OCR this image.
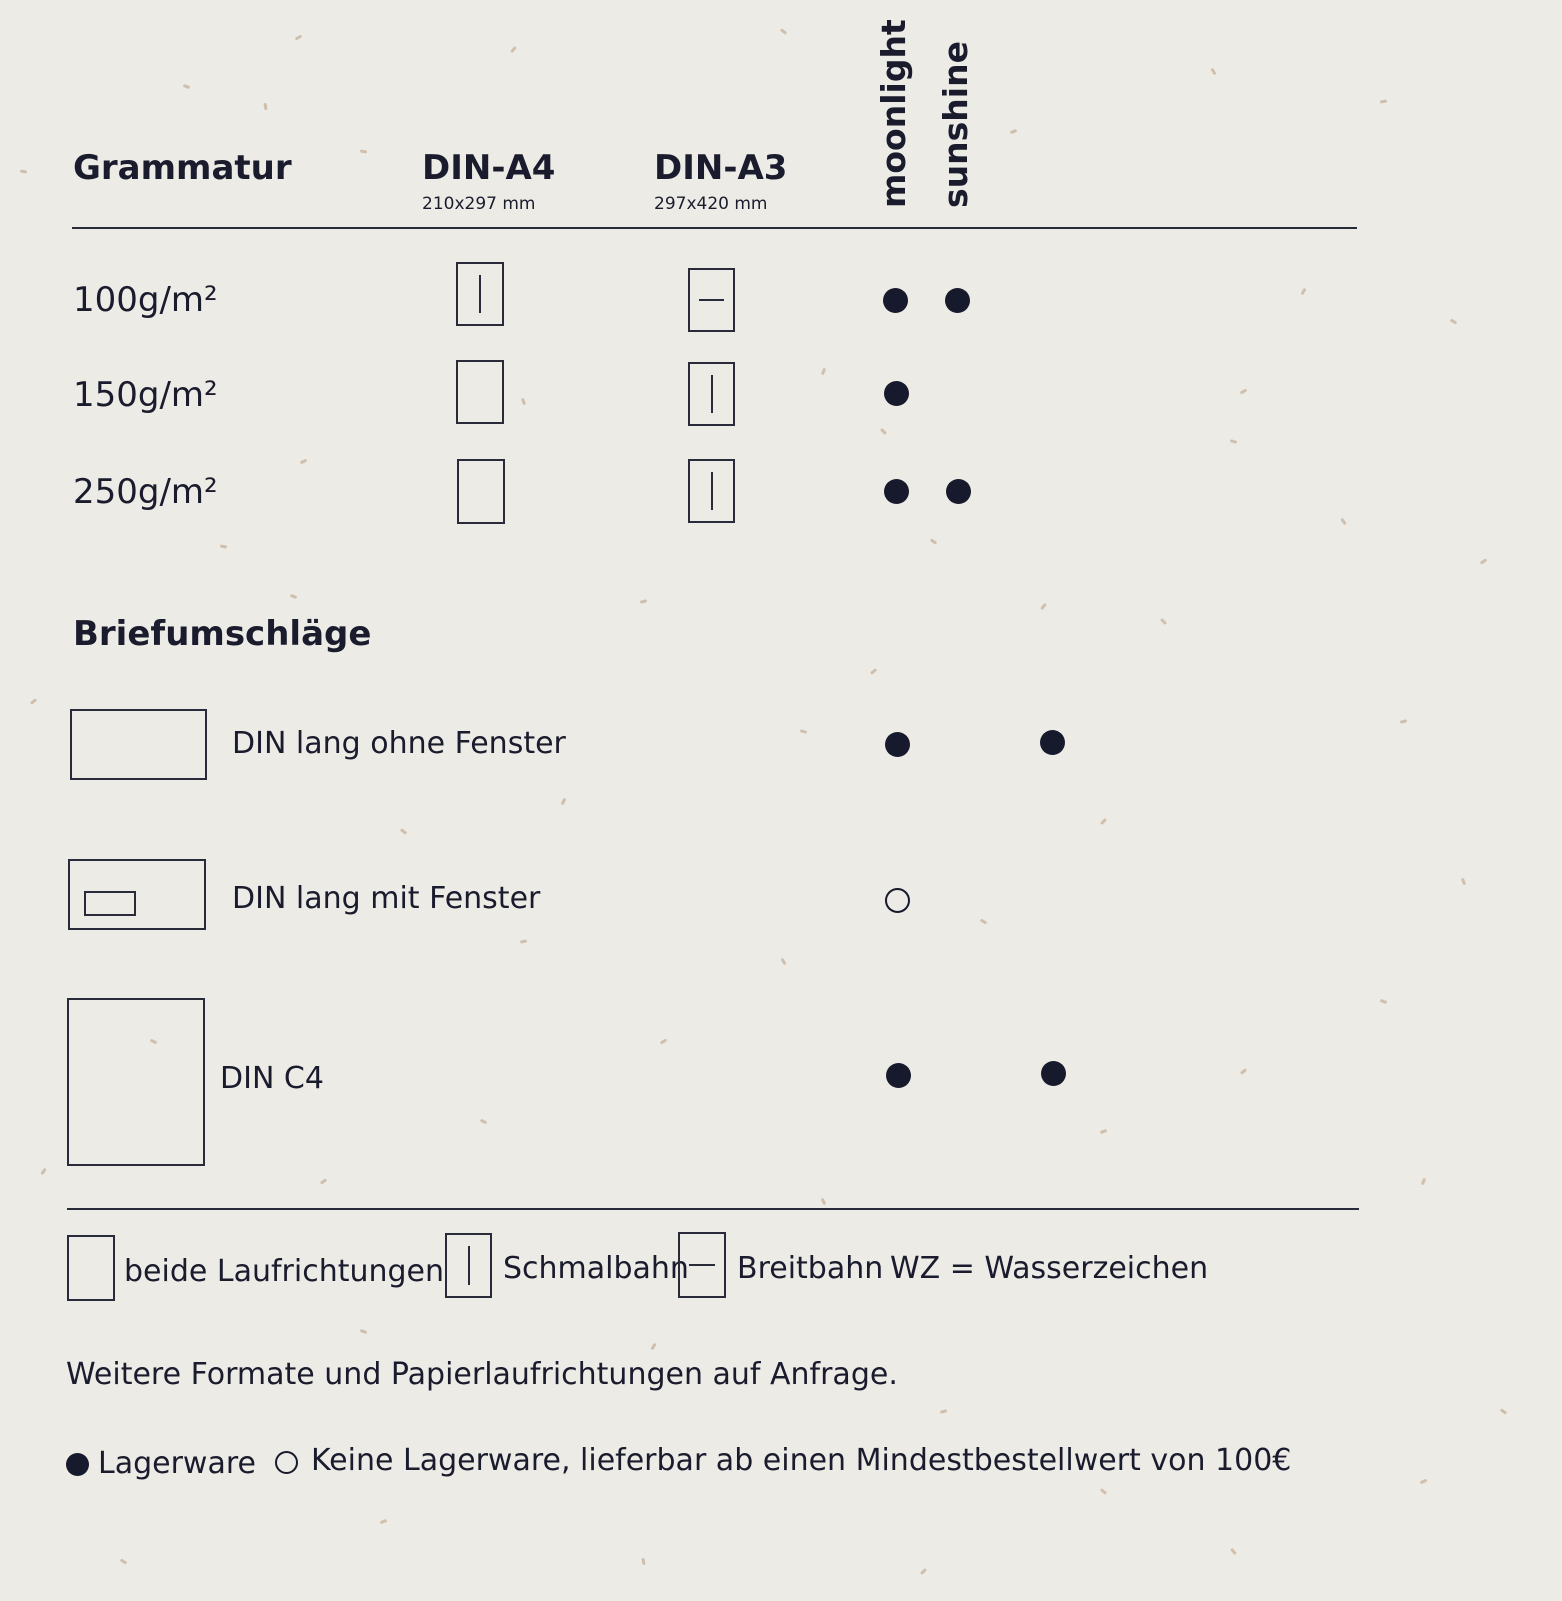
Grammatur	DIN-A4
210x297 mm
DIN-A3
297x420 mm	moonlight sunshine
100g/m²
150g/m²
250g/m²
Briefumschläge
DIN lang ohne Fenster
DIN lang mit Fenster
DIN C4
beide Laufrichtungen Schmalbahn Breitbahn WZ = Wasserzeichen
Weitere Formate und Papierlaufrichtungen auf Anfrage.
Lagerware Keine Lagerware, lieferbar ab einen Mindestbestellwert von 100€
